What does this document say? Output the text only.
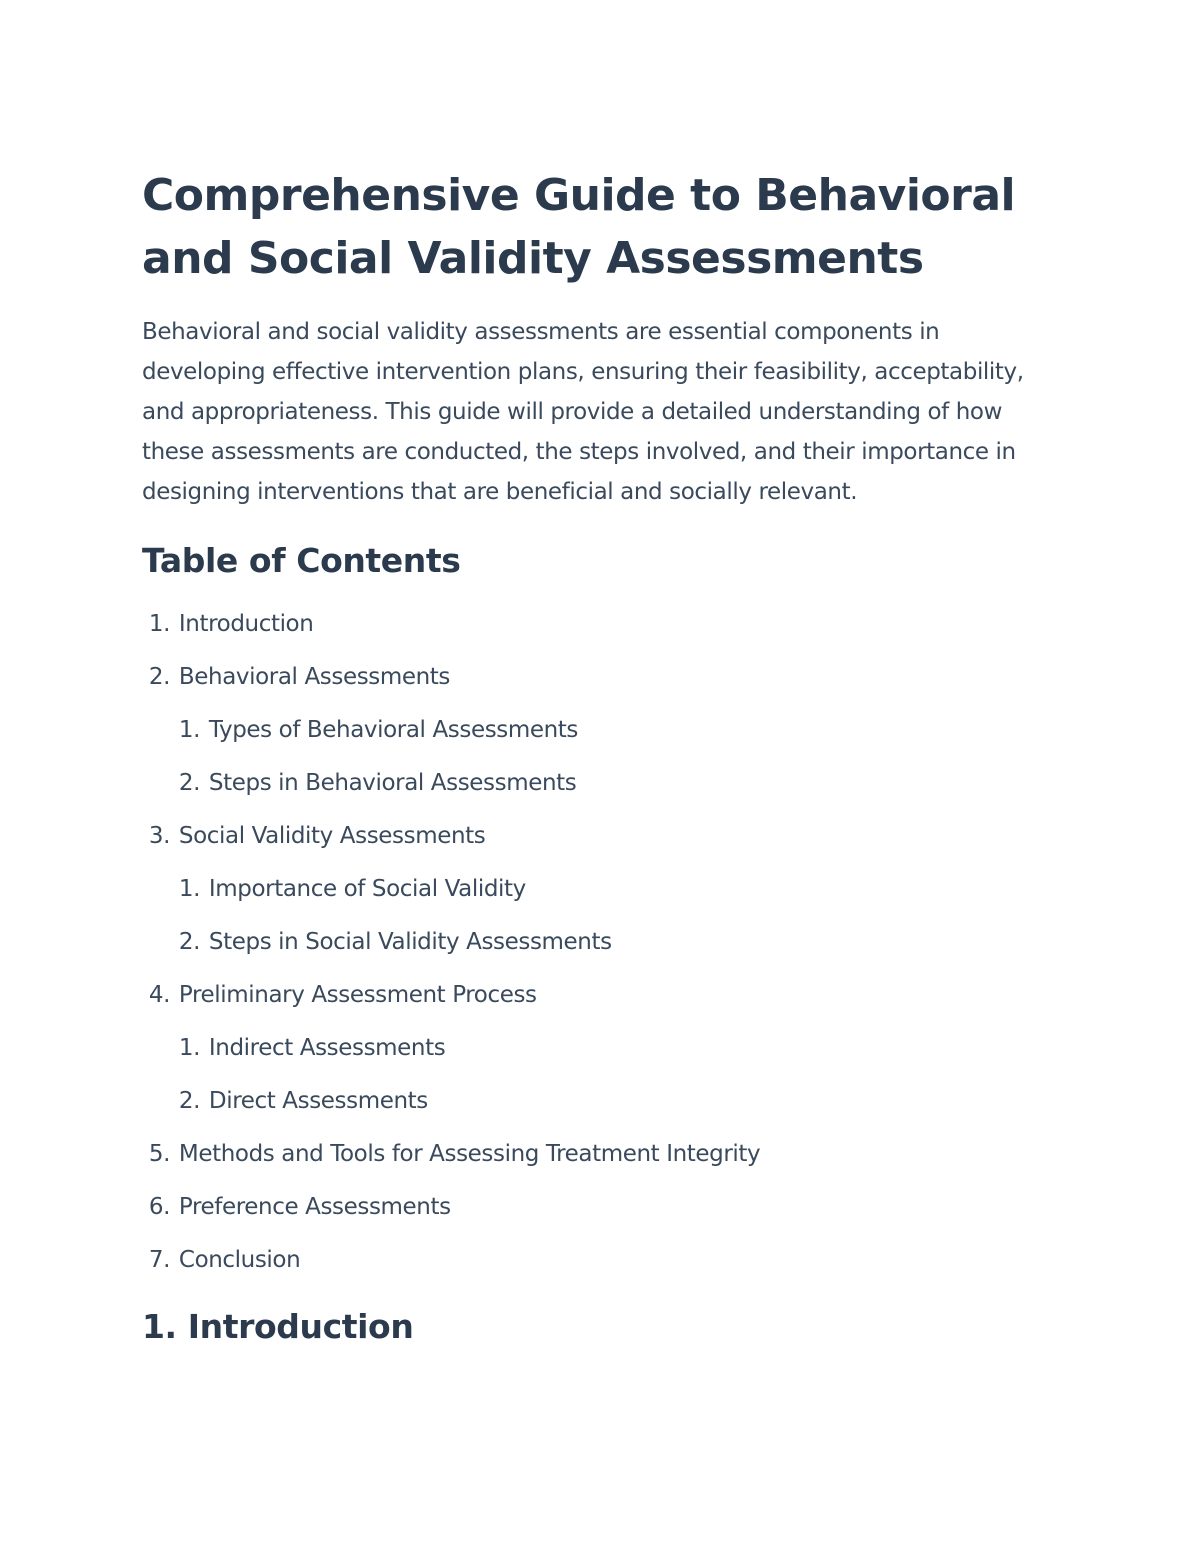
Comprehensive Guide to Behavioral and Social Validity Assessments

Behavioral and social validity assessments are essential components in developing effective intervention plans, ensuring their feasibility, acceptability, and appropriateness. This guide will provide a detailed understanding of how these assessments are conducted, the steps involved, and their importance in designing interventions that are beneficial and socially relevant.

Table of Contents
1.
Introduction
2.
Behavioral Assessments
1.
Types of Behavioral Assessments
2.
Steps in Behavioral Assessments
3.
Social Validity Assessments
1.
Importance of Social Validity
2.
Steps in Social Validity Assessments
4.
Preliminary Assessment Process
1.
Indirect Assessments
2.
Direct Assessments
5.
Methods and Tools for Assessing Treatment Integrity
6.
Preference Assessments
7.
Conclusion
1. Introduction
